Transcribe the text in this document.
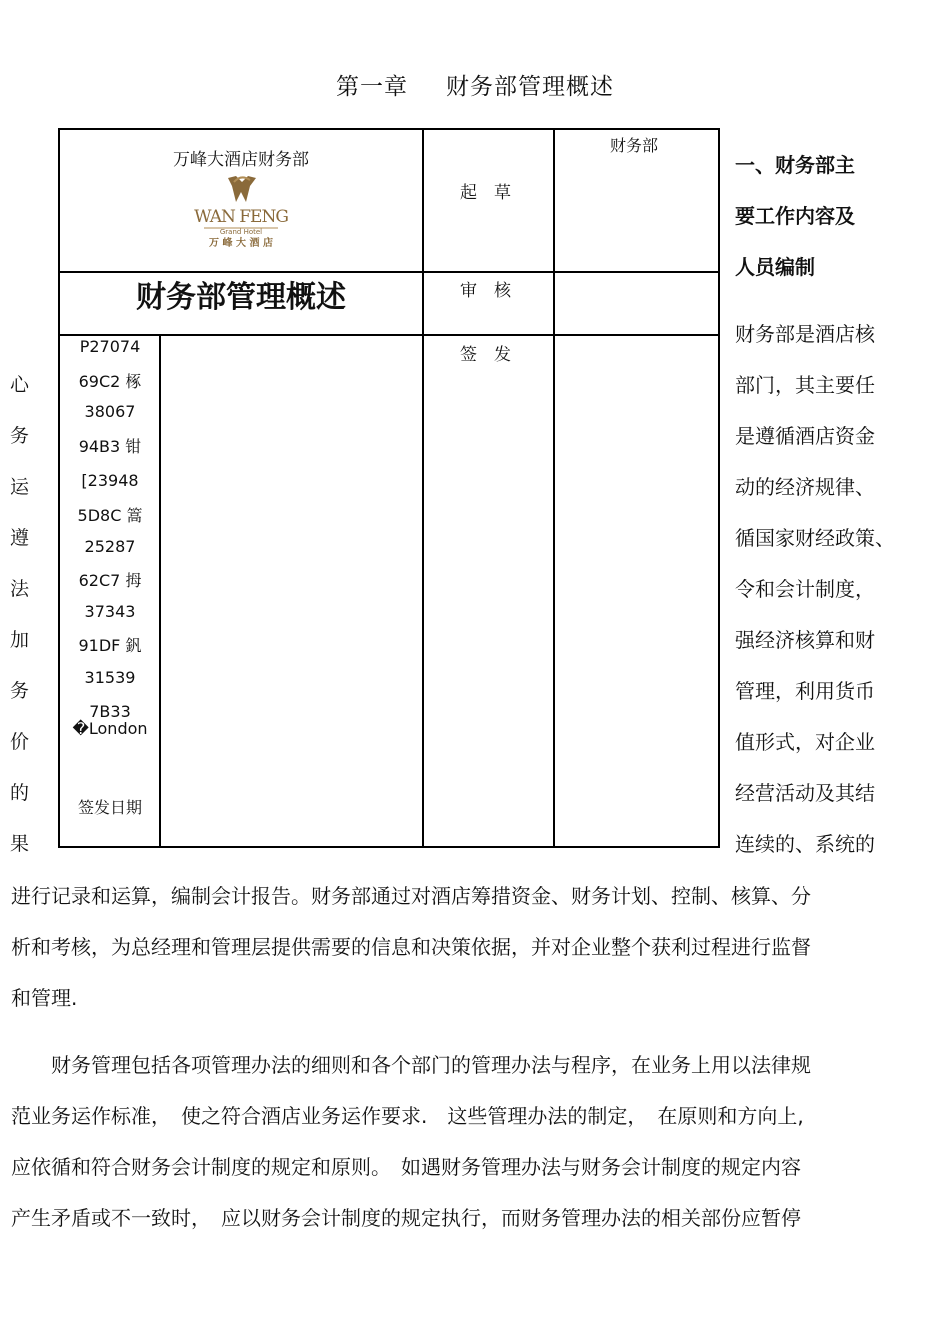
第一章 财务部管理概述
万峰大酒店财务部
WAN FENG
Grand Hotel
万 峰 大 酒 店
财务部管理概述
起　草
财务部
审　核
签　发
P27074
69C2 椓
38067
94B3 钳
[23948
5D8C 篙
25287
62C7 拇
37343
91DF 釩
31539
7B33 �London
签发日期
心
务
运
遵
法
加
务
价
的
果
一、财务部主
要工作内容及
人员编制
财务部是酒店核
部门，其主要任
是遵循酒店资金
动的经济规律、
循国家财经政策、
令和会计制度，
强经济核算和财
管理，利用货币
值形式，对企业
经营活动及其结
连续的、系统的
进行记录和运算，编制会计报告。财务部通过对酒店筹措资金、财务计划、控制、核算、分
析和考核，为总经理和管理层提供需要的信息和决策依据，并对企业整个获利过程进行监督
和管理.
　　财务管理包括各项管理办法的细则和各个部门的管理办法与程序，在业务上用以法律规
范业务运作标准，　使之符合酒店业务运作要求.　这些管理办法的制定，　在原则和方向上,
应依循和符合财务会计制度的规定和原则。　如遇财务管理办法与财务会计制度的规定内容
产生矛盾或不一致时，　应以财务会计制度的规定执行，而财务管理办法的相关部份应暂停
